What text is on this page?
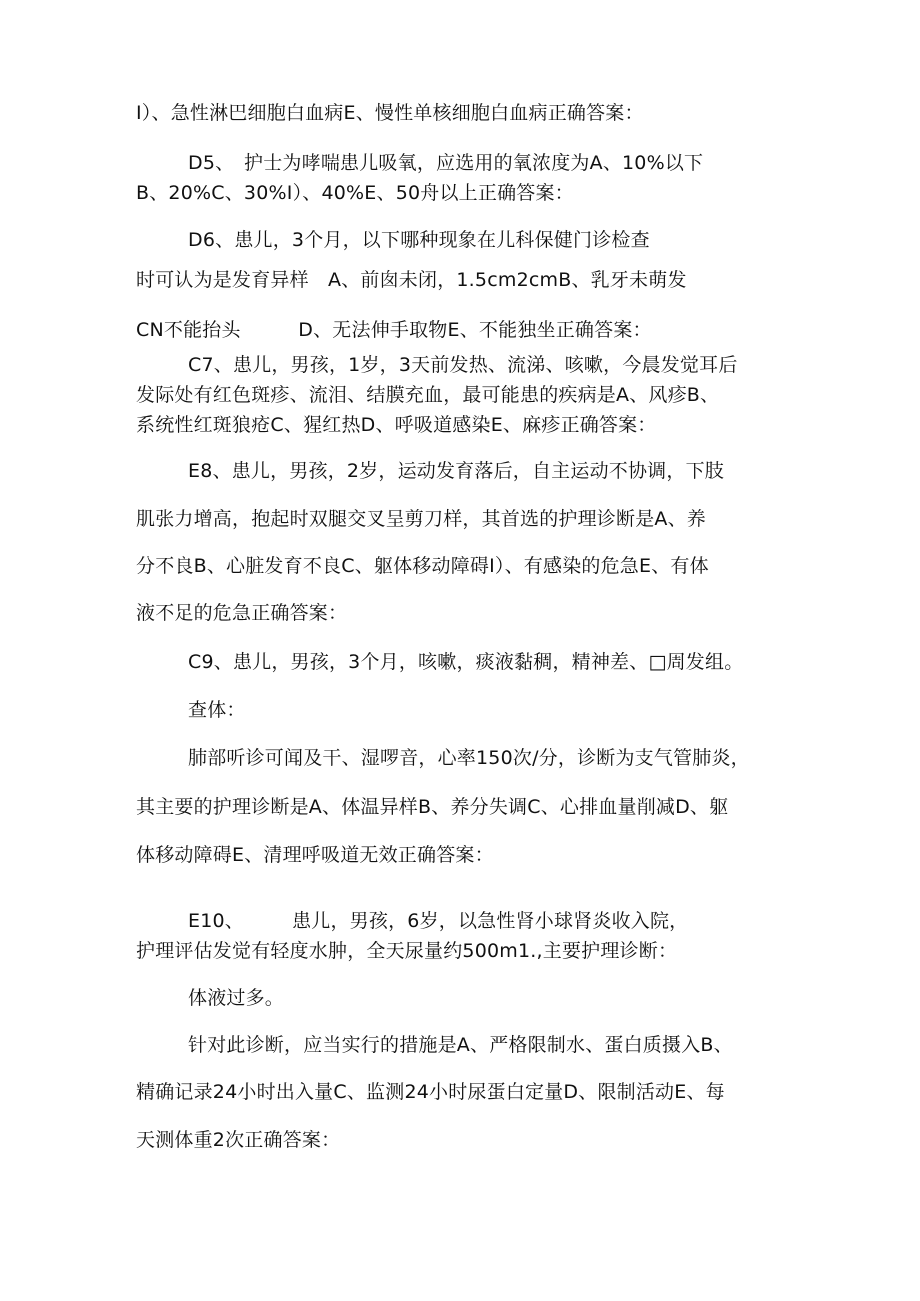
I）、急性淋巴细胞白血病E、慢性单核细胞白血病正确答案：
D5、　护士为哮喘患儿吸氧，应选用的氧浓度为A、10%以下
B、20%C、30%I）、40%E、50舟以上正确答案：
D6、患儿，3个月，以下哪种现象在儿科保健门诊检查
时可认为是发育异样　A、前囱未闭，1.5cm2cmB、乳牙未萌发
CN不能抬头　　　D、无法伸手取物E、不能独坐正确答案：
C7、患儿，男孩，1岁，3天前发热、流涕、咳嗽，今晨发觉耳后
发际处有红色斑疹、流泪、结膜充血，最可能患的疾病是A、风疹B、
系统性红斑狼疮C、猩红热D、呼吸道感染E、麻疹正确答案：
E8、患儿，男孩，2岁，运动发育落后，自主运动不协调，下肢
肌张力增高，抱起时双腿交叉呈剪刀样，其首选的护理诊断是A、养
分不良B、心脏发育不良C、躯体移动障碍I）、有感染的危急E、有体
液不足的危急正确答案：
C9、患儿，男孩，3个月，咳嗽，痰液黏稠，精神差、□周发组。
查体：
肺部听诊可闻及干、湿啰音，心率150次/分，诊断为支气管肺炎，
其主要的护理诊断是A、体温异样B、养分失调C、心排血量削减D、躯
体移动障碍E、清理呼吸道无效正确答案：
E10、　　　患儿，男孩，6岁，以急性肾小球肾炎收入院，
护理评估发觉有轻度水肿，全天尿量约500m1.,主要护理诊断：
体液过多。
针对此诊断，应当实行的措施是A、严格限制水、蛋白质摄入B、
精确记录24小时出入量C、监测24小时尿蛋白定量D、限制活动E、每
天测体重2次正确答案：
